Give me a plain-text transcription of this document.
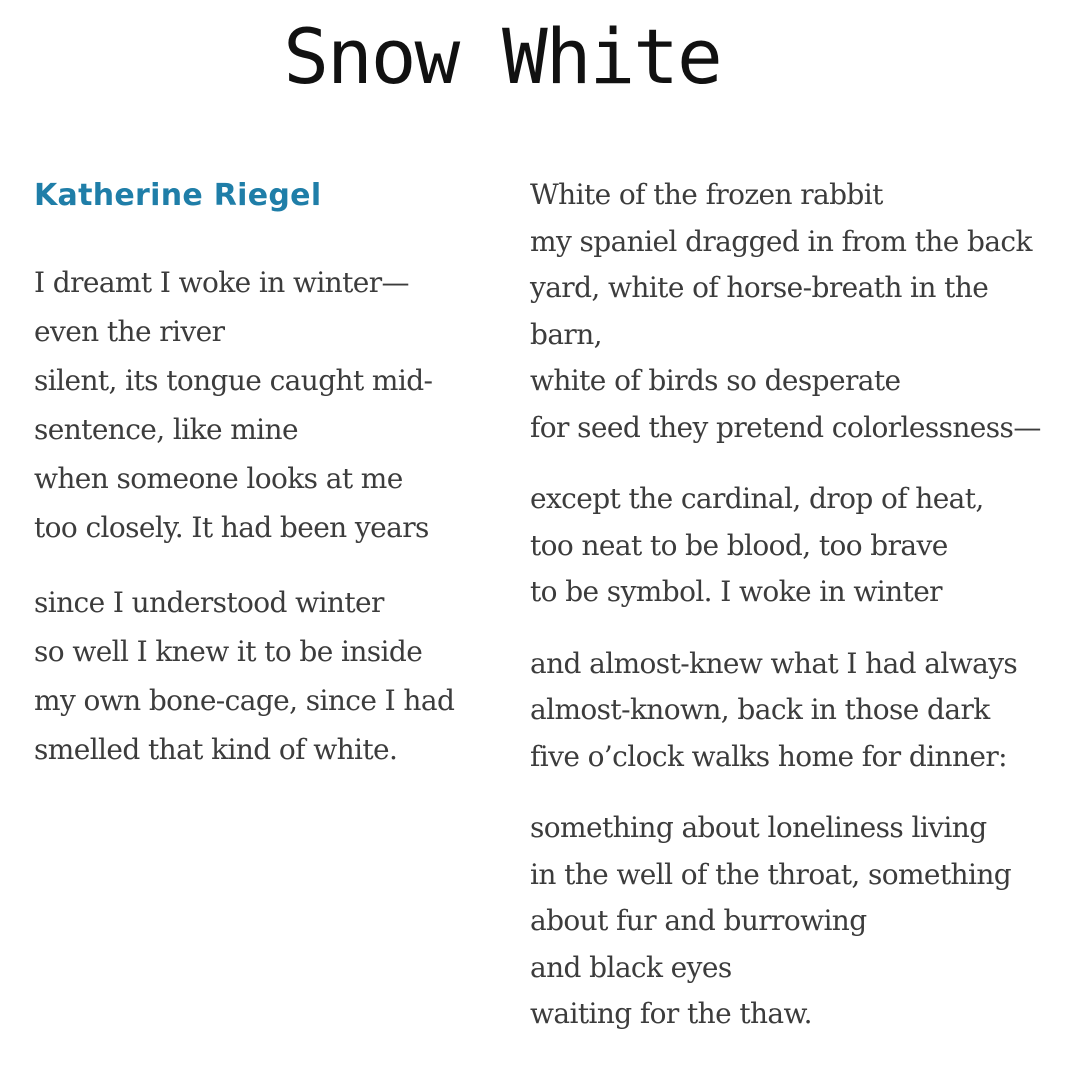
Snow White
Katherine Riegel
I dreamt I woke in winter—
even the river
silent, its tongue caught mid-
sentence, like mine
when someone looks at me
too closely. It had been years
since I understood winter
so well I knew it to be inside
my own bone-cage, since I had
smelled that kind of white.
White of the frozen rabbit
my spaniel dragged in from the back
yard, white of horse-breath in the
barn,
white of birds so desperate
for seed they pretend colorlessness—
except the cardinal, drop of heat,
too neat to be blood, too brave
to be symbol. I woke in winter
and almost-knew what I had always
almost-known, back in those dark
five o’clock walks home for dinner:
something about loneliness living
in the well of the throat, something
about fur and burrowing
and black eyes
waiting for the thaw.
